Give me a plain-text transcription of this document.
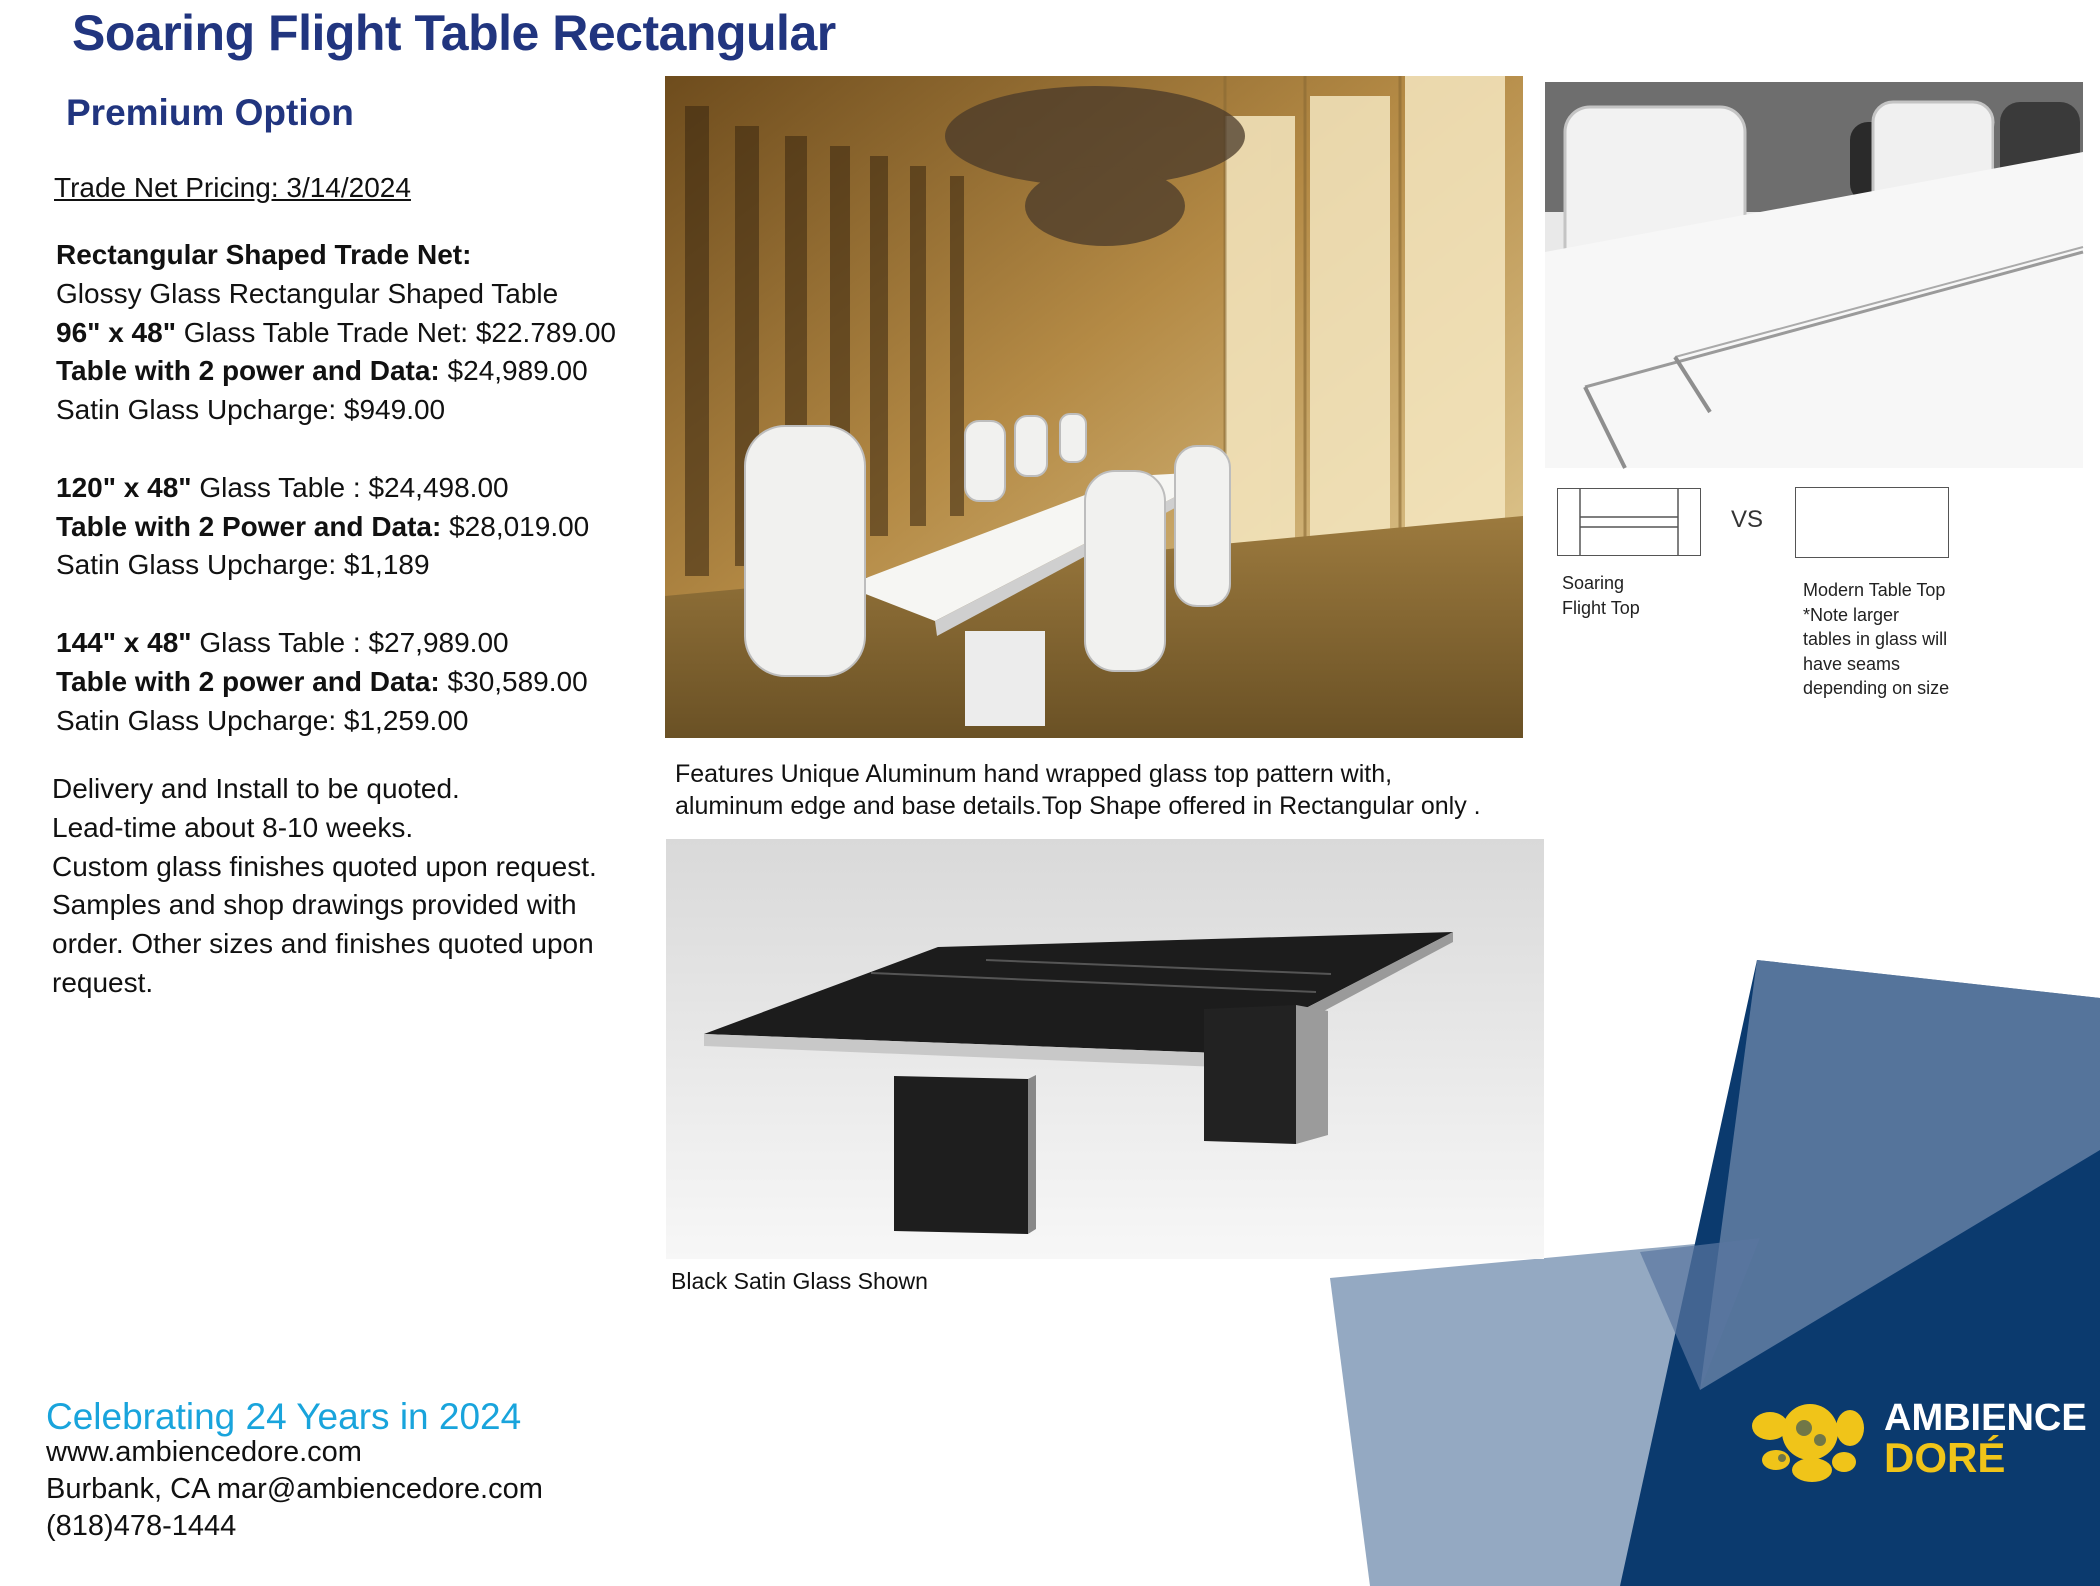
Soaring Flight Table Rectangular
Premium Option
Trade Net Pricing: 3/14/2024
Rectangular Shaped Trade Net:
Glossy Glass Rectangular Shaped Table
96" x 48" Glass Table Trade Net: $22.789.00
Table with 2 power and Data: $24,989.00
Satin Glass Upcharge: $949.00
120" x 48" Glass Table : $24,498.00
Table with 2 Power and Data: $28,019.00
Satin Glass Upcharge: $1,189
144" x 48" Glass Table : $27,989.00
Table with 2 power and Data: $30,589.00
Satin Glass Upcharge: $1,259.00
Delivery and Install to be quoted.
Lead-time about 8-10 weeks.
Custom glass finishes quoted upon request.
Samples and shop drawings provided with
order. Other sizes and finishes quoted upon
request.
Features Unique Aluminum hand wrapped glass top pattern with,
aluminum edge and base details.Top Shape offered in Rectangular only .
Black Satin Glass Shown
VS
Soaring
Flight Top
Modern Table Top
*Note larger
tables in glass will
have seams
depending on size
Celebrating 24 Years in 2024
www.ambiencedore.com
Burbank, CA mar@ambiencedore.com
(818)478-1444
AMBIENCE
DORÉ
